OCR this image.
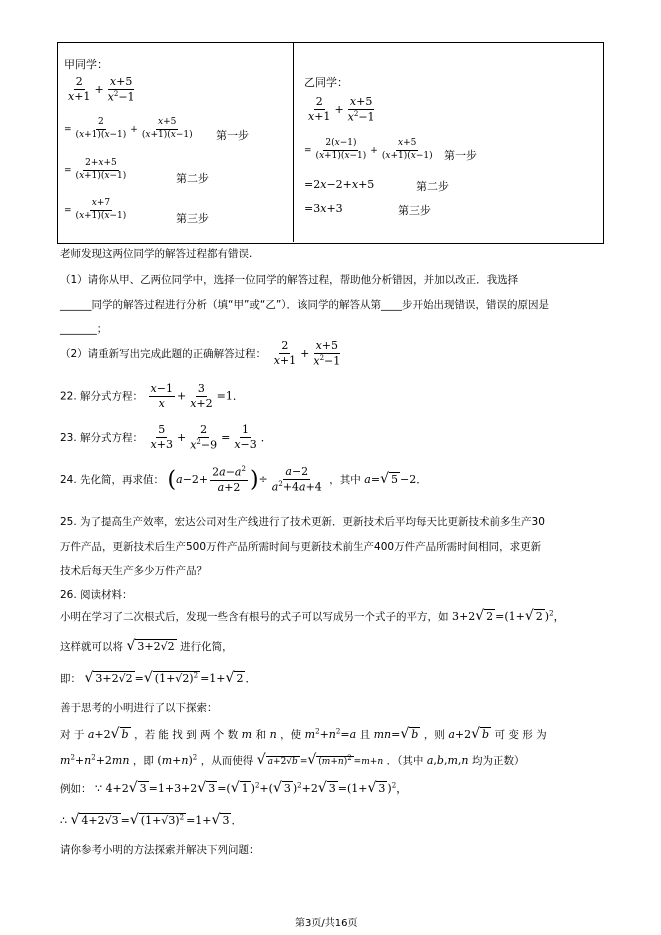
甲同学：
$\frac{2}{x+1} + \frac{x+5}{x^2-1}$
= $\frac{2}{(x+1)(x-1)} + \frac{x+5}{(x+1)(x-1)}$ 第一步
= $\frac{2+x+5}{(x+1)(x-1)}$	第二步
= $\frac{x+7}{(x+1)(x-1)}$	第三步
乙同学：
$\frac{2}{x+1} + \frac{x+5}{x^2-1}$
= $\frac{2(x-1)}{(x+1)(x-1)} + \frac{x+5}{(x+1)(x-1)}$ 第一步
=2x−2+x+5	第二步
=3x+3	第三步
老师发现这两位同学的解答过程都有错误.
（1）请你从甲、乙两位同学中，选择一位同学的解答过程，帮助他分析错因，并加以改正．我选择
______同学的解答过程进行分析（填“甲”或“乙”）．该同学的解答从第____步开始出现错误，错误的原因是
_______；
（2）请重新写出完成此题的正确解答过程： $\frac{2}{x+1} + \frac{x+5}{x^2-1}$
22. 解分式方程： $\frac{x-1}{x} + \frac{3}{x+2} =1$．
23. 解分式方程： $\frac{5}{x+3} + \frac{2}{x^2-9} = \frac{1}{x-3}$ ．
24. 先化简，再求值： ($a-2+ \frac{2a-a^2}{a+2}$ )÷ $\frac{a-2}{a^2+4a+4}$ ，其中 a=√ 5 −2．
25. 为了提高生产效率，宏达公司对生产线进行了技术更新．更新技术后平均每天比更新技术前多生产30
万件产品，更新技术后生产500万件产品所需时间与更新技术前生产400万件产品所需时间相同，求更新
技术后每天生产多少万件产品？
26. 阅读材料：
小明在学习了二次根式后，发现一些含有根号的式子可以写成另一个式子的平方，如 3+2√ 2 =(1+√ 2 )$^2$，
这样就可以将 √ 3+2√2 进行化简，
即： √ 3+2√2 =√ $(1+√2)^2 =1+√$ 2 ．
善于思考的小明进行了以下探索：
对 于 a+2√ b ，若 能 找 到 两 个 数 m 和 n ，使 $m^2+n^2=a$ 且 mn=√ b ，则 a+2√ b 可 变 形 为
$m^2+n^2+2mn$ ，即 $(m+n)^2$ ，从而使得 √ a+2√b =√ $(m+n)^2 =m+n$ ．（其中 a,b,m,n 均为正数）
例如： ∵ 4+2√ 3 =1+3+2√ 3 =(√ 1 )$^2$+(√ 3 )$^2$+2√ 3 =(1+√ 3 )$^2$，
∴ √ 4+2√3 =√ $(1+√3)^2 =1+√$ 3 ．
请你参考小明的方法探索并解决下列问题：
第3页/共16页
